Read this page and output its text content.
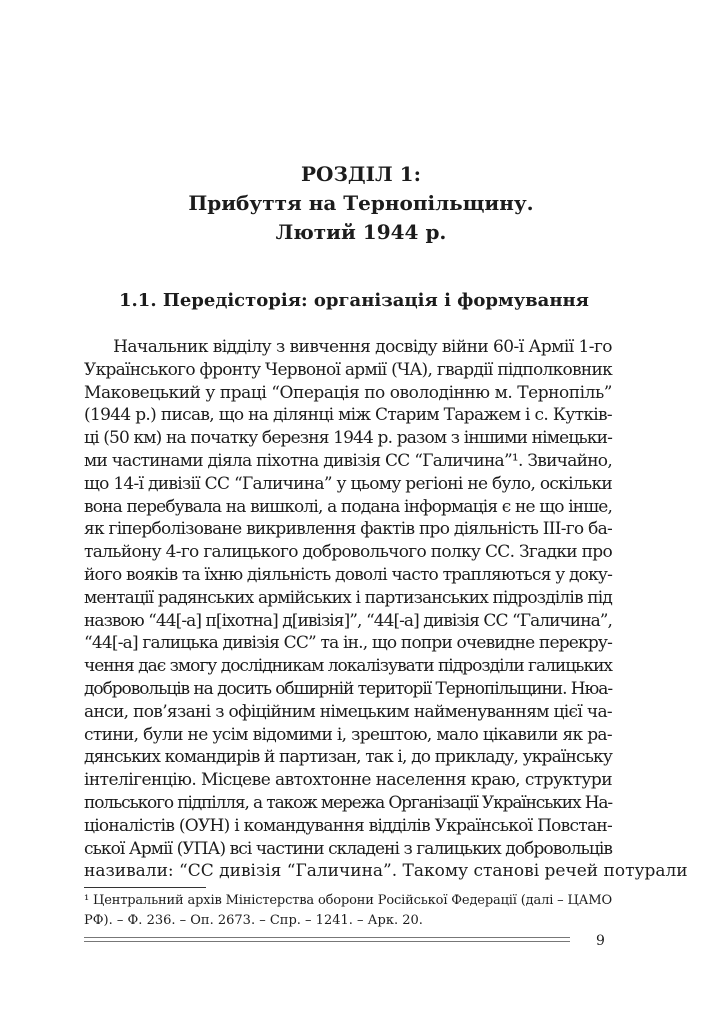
РОЗДІЛ 1:
Прибуття на Тернопільщину.
Лютий 1944 р.
1.1. Передісторія: організація і формування
Начальник відділу з вивчення досвіду війни 60-ї Армії 1-го
Українського фронту Червоної армії (ЧА), гвардії підполковник
Маковецький у праці “Операція по оволодінню м. Тернопіль”
(1944 р.) писав, що на ділянці між Старим Таражем і с. Кутків-
ці (50 км) на початку березня 1944 р. разом з іншими німецьки-
ми частинами діяла піхотна дивізія СС “Галичина”¹. Звичайно,
що 14-ї дивізії СС “Галичина” у цьому регіоні не було, оскільки
вона перебувала на вишколі, а подана інформація є не що інше,
як гіперболізоване викривлення фактів про діяльність ІІІ-го ба-
тальйону 4-го галицького добровольчого полку СС. Згадки про
його вояків та їхню діяльність доволі часто трапляються у доку-
ментації радянських армійських і партизанських підрозділів під
назвою “44[-а] п[іхотна] д[ивізія]”, “44[-а] дивізія СС “Галичина”,
“44[-а] галицька дивізія СС” та ін., що попри очевидне перекру-
чення дає змогу дослідникам локалізувати підрозділи галицьких
добровольців на досить обширній території Тернопільщини. Нюа-
анси, пов’язані з офіційним німецьким найменуванням цієї ча-
стини, були не усім відомими і, зрештою, мало цікавили як ра-
дянських командирів й партизан, так і, до прикладу, українську
інтелігенцію. Місцеве автохтонне населення краю, структури
польського підпілля, а також мережа Організації Українських На-
ціоналістів (ОУН) і командування відділів Української Повстан-
ської Армії (УПА) всі частини складені з галицьких добровольців
називали: “СС дивізія “Галичина”. Такому станові речей потурали
¹ Центральний архів Міністерства оборони Російської Федерації (далі – ЦАМО
РФ). – Ф. 236. – Оп. 2673. – Спр. – 1241. – Арк. 20.
9
